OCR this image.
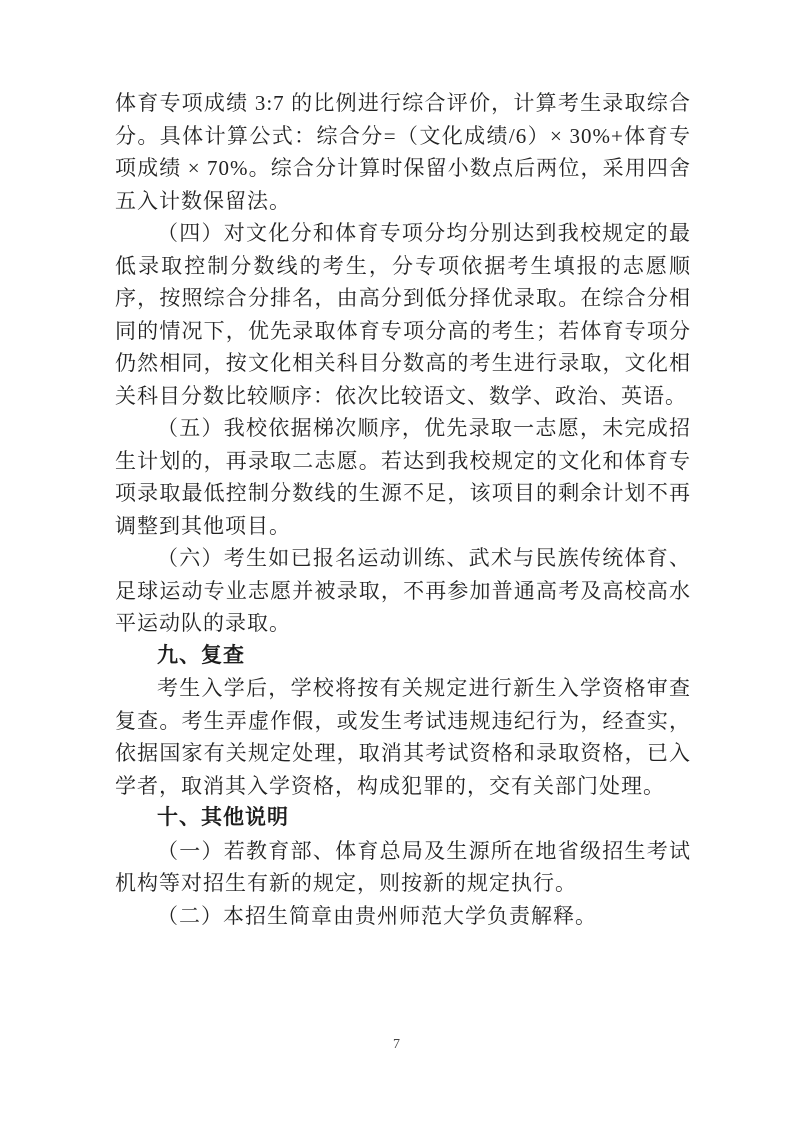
体育专项成绩 3:7 的比例进行综合评价，计算考生录取综合分。具体计算公式：综合分=（文化成绩/6）× 30%+体育专项成绩 × 70%。综合分计算时保留小数点后两位，采用四舍五入计数保留法。
（四）对文化分和体育专项分均分别达到我校规定的最低录取控制分数线的考生，分专项依据考生填报的志愿顺序，按照综合分排名，由高分到低分择优录取。在综合分相同的情况下，优先录取体育专项分高的考生；若体育专项分仍然相同，按文化相关科目分数高的考生进行录取，文化相关科目分数比较顺序：依次比较语文、数学、政治、英语。
（五）我校依据梯次顺序，优先录取一志愿，未完成招生计划的，再录取二志愿。若达到我校规定的文化和体育专项录取最低控制分数线的生源不足，该项目的剩余计划不再调整到其他项目。
（六）考生如已报名运动训练、武术与民族传统体育、足球运动专业志愿并被录取，不再参加普通高考及高校高水平运动队的录取。
九、复查
考生入学后，学校将按有关规定进行新生入学资格审查复查。考生弄虚作假，或发生考试违规违纪行为，经查实，依据国家有关规定处理，取消其考试资格和录取资格，已入学者，取消其入学资格，构成犯罪的，交有关部门处理。
十、其他说明
（一）若教育部、体育总局及生源所在地省级招生考试机构等对招生有新的规定，则按新的规定执行。
（二）本招生简章由贵州师范大学负责解释。
7
